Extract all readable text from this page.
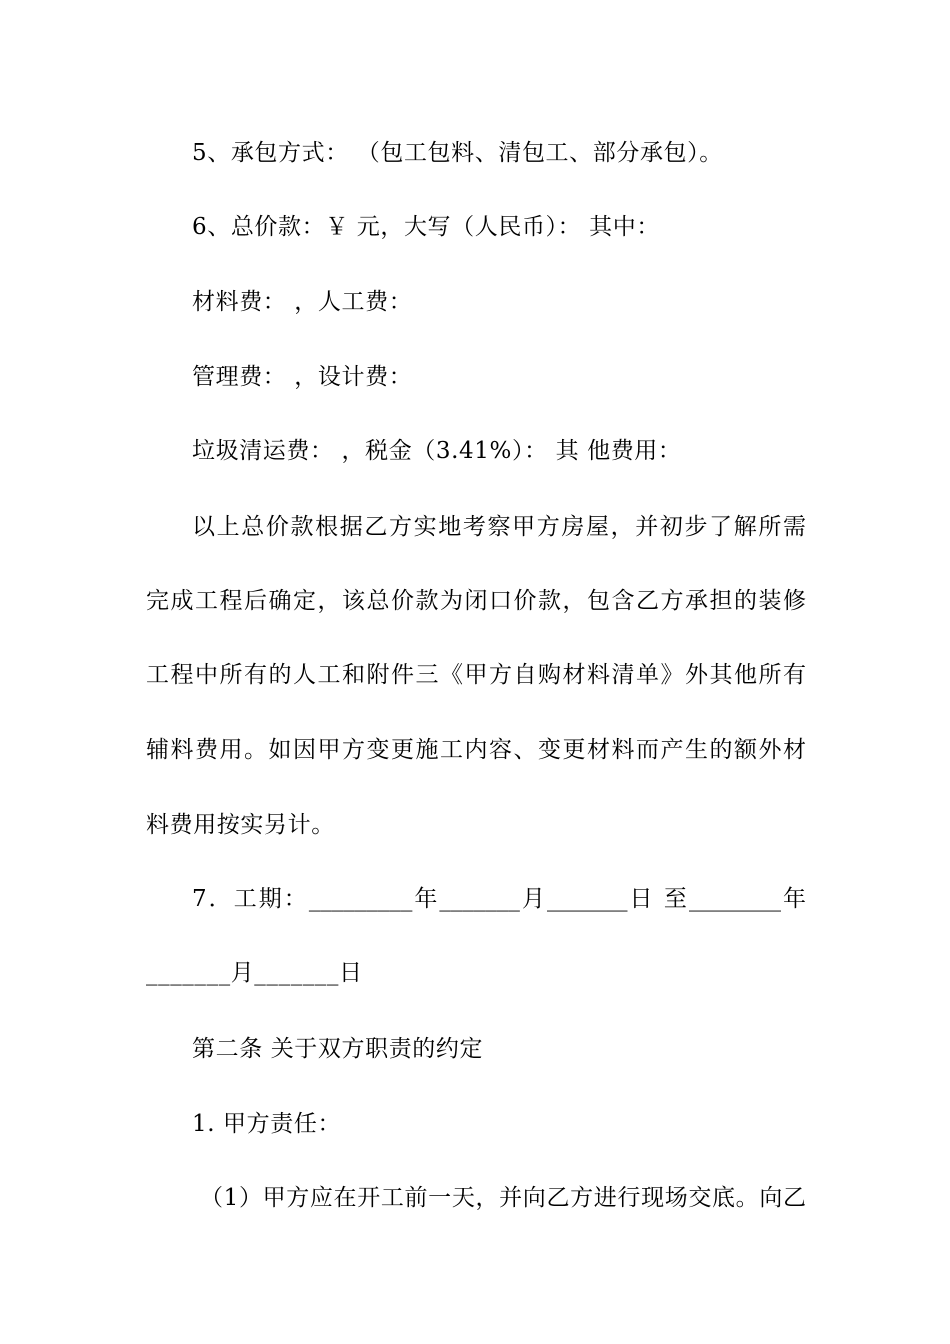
5、承包方式： （包工包料、清包工、部分承包）。
6、总价款：￥ 元，大写（人民币）： 其中：
材料费： ，人工费：
管理费： ，设计费：
垃圾清运费： ，税金（3.41%）： 其 他费用：
以上总价款根据乙方实地考察甲方房屋，并初步了解所需
完成工程后确定，该总价款为闭口价款，包含乙方承担的装修
工程中所有的人工和附件三《甲方自购材料清单》外其他所有
辅料费用。如因甲方变更施工内容、变更材料而产生的额外材
料费用按实另计。
7．工期：_________年_______月_______日 至________年
_______月_______日
第二条 关于双方职责的约定
1. 甲方责任：
（1）甲方应在开工前一天，并向乙方进行现场交底。向乙
